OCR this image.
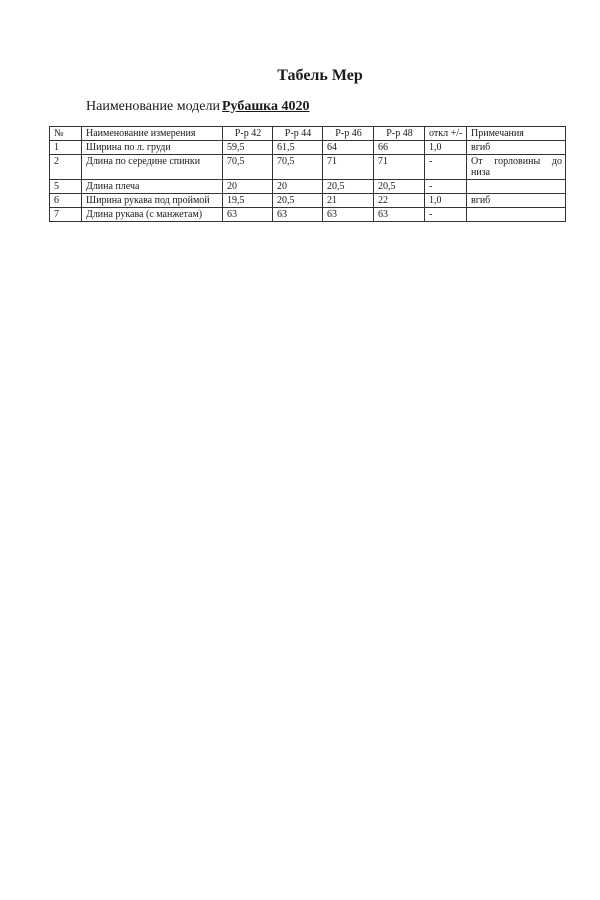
Табель Мер
Наименование модели Рубашка 4020
№	Наименование измерения	Р-р 42	Р-р 44	Р-р 46	Р-р 48	откл +/-	Примечания
1	Ширина по л. груди	59,5	61,5	64	66	1,0	вгиб
2	Длина по середине спинки	70,5	70,5	71	71	-	От горловины до низа

5	Длина плеча	20	20	20,5	20,5	-	
6	Ширина рукава под проймой	19,5	20,5	21	22	1,0	вгиб
7	Длина рукава (с манжетам)	63	63	63	63	-	
